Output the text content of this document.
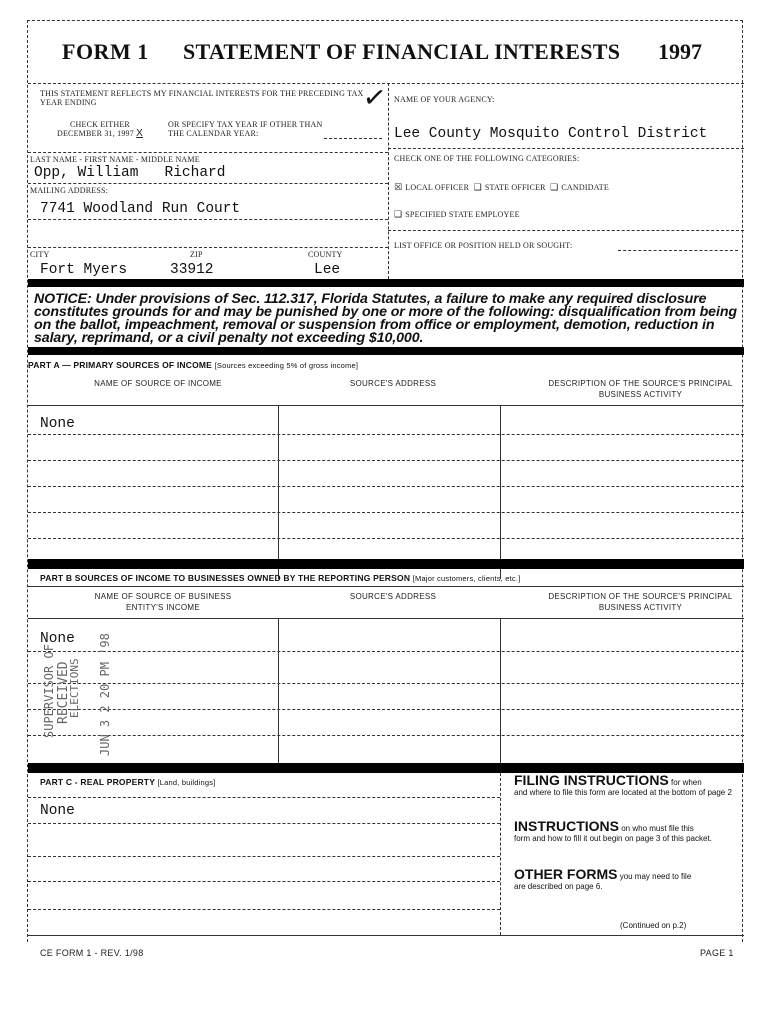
FORM 1 STATEMENT OF FINANCIAL INTERESTS 1997
THIS STATEMENT REFLECTS MY FINANCIAL INTERESTS FOR THE PRECEDING TAX YEAR ENDING	✓
CHECK EITHER
DECEMBER 31, 1997 X
OR SPECIFY TAX YEAR IF OTHER THAN THE CALENDAR YEAR:
LAST NAME - FIRST NAME - MIDDLE NAME
Opp, William   Richard
MAILING ADDRESS:
7741 Woodland Run Court
CITY	ZIP	COUNTY
Fort Myers	33912	Lee
NAME OF YOUR AGENCY:
Lee County Mosquito Control District
CHECK ONE OF THE FOLLOWING CATEGORIES:
☒ LOCAL OFFICER ❑ STATE OFFICER ❑ CANDIDATE
❑ SPECIFIED STATE EMPLOYEE
LIST OFFICE OR POSITION HELD OR SOUGHT:
NOTICE: Under provisions of Sec. 112.317, Florida Statutes, a failure to make any required disclosure constitutes grounds for and may be punished by one or more of the following: disqualification from being on the ballot, impeachment, removal or suspension from office or employment, demotion, reduction in salary, reprimand, or a civil penalty not exceeding $10,000.
PART A — PRIMARY SOURCES OF INCOME [Sources exceeding 5% of gross income]
NAME OF SOURCE OF INCOME	SOURCE'S ADDRESS	DESCRIPTION OF THE SOURCE'S PRINCIPAL BUSINESS ACTIVITY
None
PART B SOURCES OF INCOME TO BUSINESSES OWNED BY THE REPORTING PERSON [Major customers, clients, etc.]
NAME OF SOURCE OF BUSINESS ENTITY'S INCOME
SOURCE'S ADDRESS	DESCRIPTION OF THE SOURCE'S PRINCIPAL BUSINESS ACTIVITY
None
SUPERVISOR OF RECEIVED
ELECTIONS JUN 3 2 20 PM '98
PART C - REAL PROPERTY [Land, buildings]
None
FILING INSTRUCTIONS for when
and where to file this form are located at the bottom of page 2
INSTRUCTIONS on who must file this
form and how to fill it out begin on page 3 of this packet.
OTHER FORMS you may need to file
are described on page 6.
(Continued on p.2)
CE FORM 1 - REV. 1/98	PAGE 1
